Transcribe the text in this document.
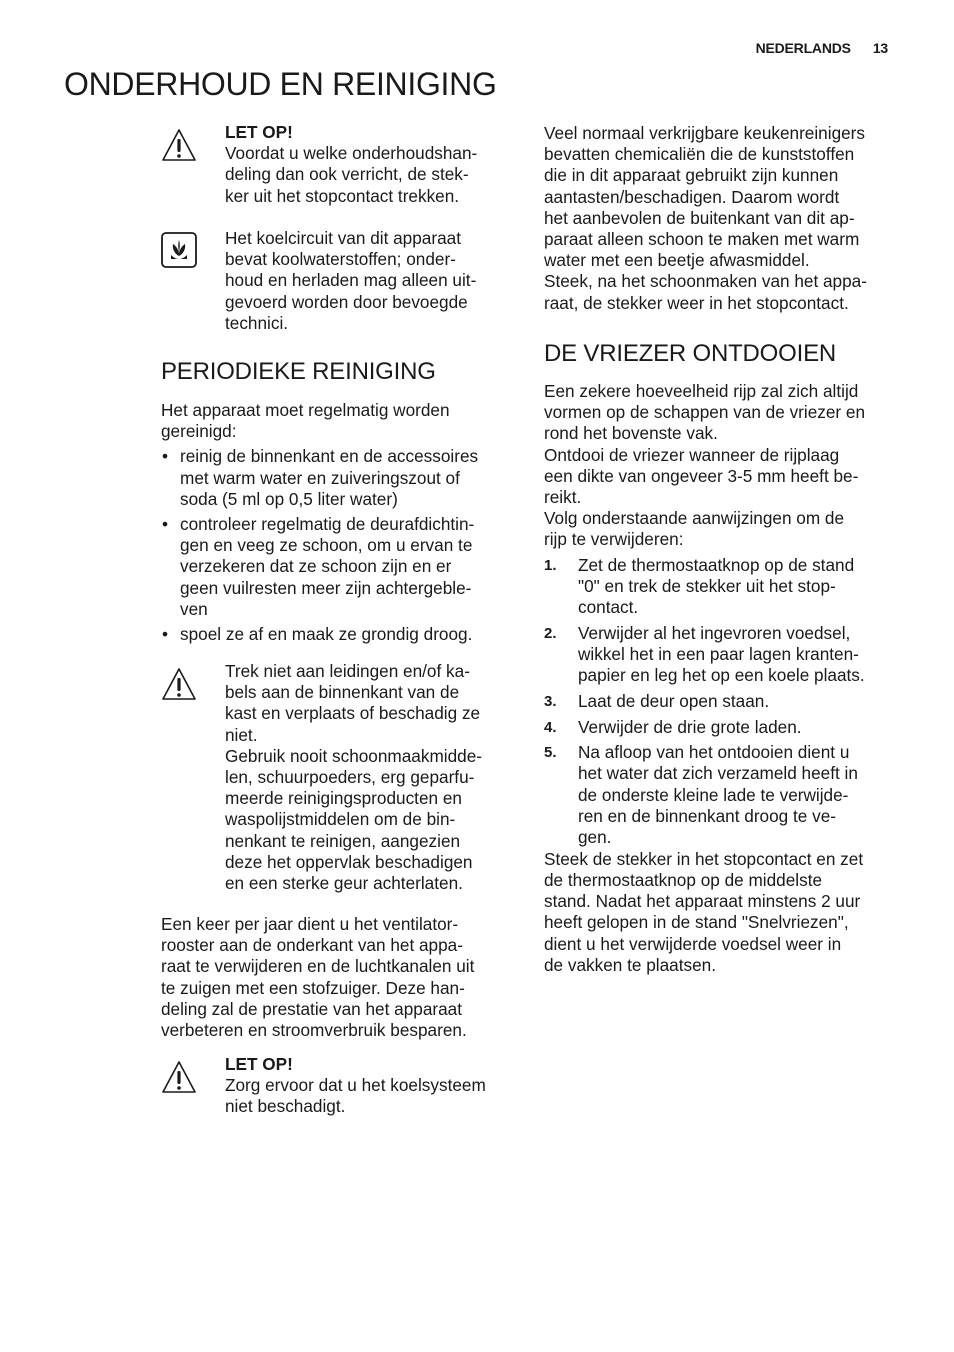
NEDERLANDS 13
ONDERHOUD EN REINIGING
LET OP!
Voordat u welke onderhoudshan-
deling dan ook verricht, de stek-
ker uit het stopcontact trekken.
Het koelcircuit van dit apparaat
bevat koolwaterstoffen; onder-
houd en herladen mag alleen uit-
gevoerd worden door bevoegde
technici.
PERIODIEKE REINIGING

Het apparaat moet regelmatig worden
gereinigd:

• reinig de binnenkant en de accessoires
met warm water en zuiveringszout of
soda (5 ml op 0,5 liter water)
• controleer regelmatig de deurafdichtin-
gen en veeg ze schoon, om u ervan te
verzekeren dat ze schoon zijn en er
geen vuilresten meer zijn achtergeble-
ven
• spoel ze af en maak ze grondig droog.
Trek niet aan leidingen en/of ka-
bels aan de binnenkant van de
kast en verplaats of beschadig ze
niet.
Gebruik nooit schoonmaakmidde-
len, schuurpoeders, erg geparfu-
meerde reinigingsproducten en
waspolijstmiddelen om de bin-
nenkant te reinigen, aangezien
deze het oppervlak beschadigen
en een sterke geur achterlaten.

Een keer per jaar dient u het ventilator-
rooster aan de onderkant van het appa-
raat te verwijderen en de luchtkanalen uit
te zuigen met een stofzuiger. Deze han-
deling zal de prestatie van het apparaat
verbeteren en stroomverbruik besparen.

LET OP!
Zorg ervoor dat u het koelsysteem
niet beschadigt.

Veel normaal verkrijgbare keukenreinigers
bevatten chemicaliën die de kunststoffen
die in dit apparaat gebruikt zijn kunnen
aantasten/beschadigen. Daarom wordt
het aanbevolen de buitenkant van dit ap-
paraat alleen schoon te maken met warm
water met een beetje afwasmiddel.
Steek, na het schoonmaken van het appa-
raat, de stekker weer in het stopcontact.

DE VRIEZER ONTDOOIEN

Een zekere hoeveelheid rijp zal zich altijd
vormen op de schappen van de vriezer en
rond het bovenste vak.
Ontdooi de vriezer wanneer de rijplaag
een dikte van ongeveer 3-5 mm heeft be-
reikt.
Volg onderstaande aanwijzingen om de
rijp te verwijderen:

1. Zet de thermostaatknop op de stand
"0" en trek de stekker uit het stop-
contact.
2. Verwijder al het ingevroren voedsel,
wikkel het in een paar lagen kranten-
papier en leg het op een koele plaats.
3. Laat de deur open staan.
4. Verwijder de drie grote laden.
5. Na afloop van het ontdooien dient u
het water dat zich verzameld heeft in
de onderste kleine lade te verwijde-
ren en de binnenkant droog te ve-
gen.

Steek de stekker in het stopcontact en zet
de thermostaatknop op de middelste
stand. Nadat het apparaat minstens 2 uur
heeft gelopen in de stand "Snelvriezen",
dient u het verwijderde voedsel weer in
de vakken te plaatsen.
